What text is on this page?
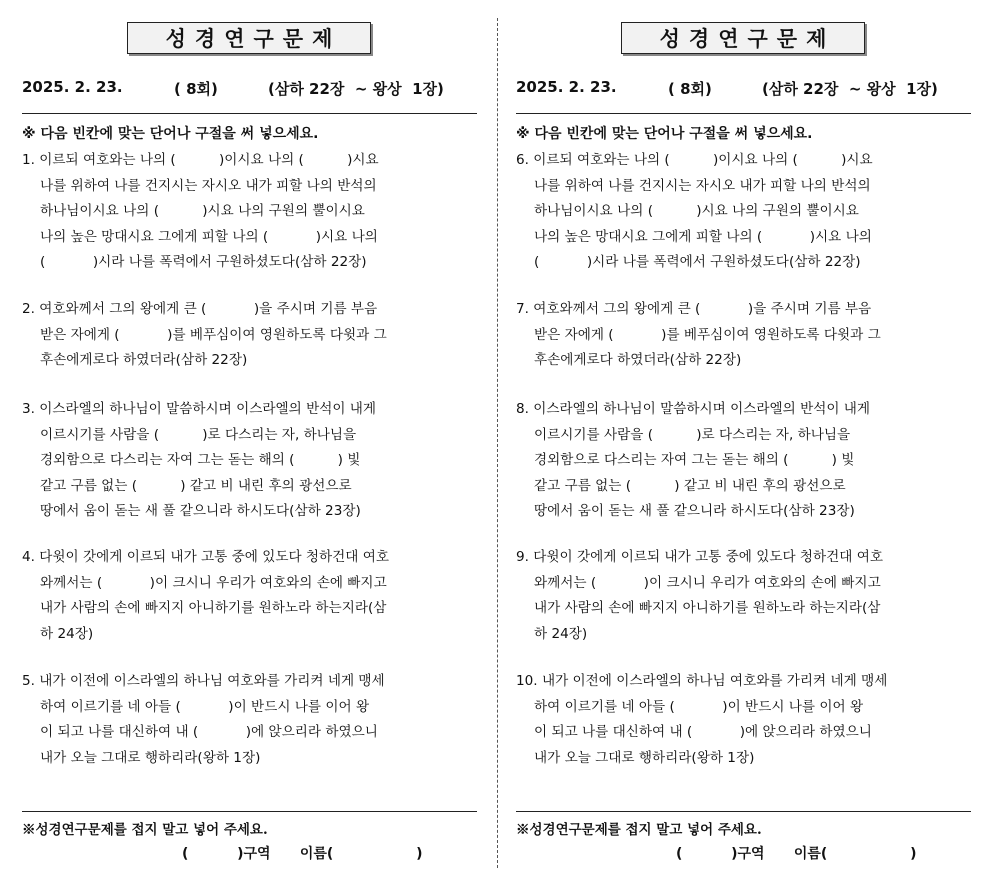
성경연구문제
2025. 2. 23.	( 8회)	(삼하 22장  ~ 왕상  1장)
※ 다음 빈칸에 맞는 단어나 구절을 써 넣으세요.
1. 이르되 여호와는 나의 (          )이시요 나의 (          )시요
나를 위하여 나를 건지시는 자시오 내가 피할 나의 반석의
하나님이시요 나의 (          )시요 나의 구원의 뿔이시요
나의 높은 망대시요 그에게 피할 나의 (           )시요 나의
(           )시라 나를 폭력에서 구원하셨도다(삼하 22장)
2. 여호와께서 그의 왕에게 큰 (           )을 주시며 기름 부음
받은 자에게 (           )를 베푸심이여 영원하도록 다윗과 그
후손에게로다 하였더라(삼하 22장)
3. 이스라엘의 하나님이 말씀하시며 이스라엘의 반석이 내게
이르시기를 사람을 (          )로 다스리는 자, 하나님을
경외함으로 다스리는 자여 그는 돋는 해의 (          ) 빛
같고 구름 없는 (          ) 같고 비 내린 후의 광선으로
땅에서 움이 돋는 새 풀 같으니라 하시도다(삼하 23장)
4. 다윗이 갓에게 이르되 내가 고통 중에 있도다 청하건대 여호
와께서는 (           )이 크시니 우리가 여호와의 손에 빠지고
내가 사람의 손에 빠지지 아니하기를 원하노라 하는지라(삼
하 24장)
5. 내가 이전에 이스라엘의 하나님 여호와를 가리켜 네게 맹세
하여 이르기를 네 아들 (           )이 반드시 나를 이어 왕
이 되고 나를 대신하여 내 (           )에 앉으리라 하였으니
내가 오늘 그대로 행하리라(왕하 1장)
※성경연구문제를 접지 말고 넣어 주세요.
(          )구역      이름(                 )
성경연구문제
2025. 2. 23.	( 8회)	(삼하 22장  ~ 왕상  1장)
※ 다음 빈칸에 맞는 단어나 구절을 써 넣으세요.
6. 이르되 여호와는 나의 (          )이시요 나의 (          )시요
나를 위하여 나를 건지시는 자시오 내가 피할 나의 반석의
하나님이시요 나의 (          )시요 나의 구원의 뿔이시요
나의 높은 망대시요 그에게 피할 나의 (           )시요 나의
(           )시라 나를 폭력에서 구원하셨도다(삼하 22장)
7. 여호와께서 그의 왕에게 큰 (           )을 주시며 기름 부음
받은 자에게 (           )를 베푸심이여 영원하도록 다윗과 그
후손에게로다 하였더라(삼하 22장)
8. 이스라엘의 하나님이 말씀하시며 이스라엘의 반석이 내게
이르시기를 사람을 (          )로 다스리는 자, 하나님을
경외함으로 다스리는 자여 그는 돋는 해의 (          ) 빛
같고 구름 없는 (          ) 같고 비 내린 후의 광선으로
땅에서 움이 돋는 새 풀 같으니라 하시도다(삼하 23장)
9. 다윗이 갓에게 이르되 내가 고통 중에 있도다 청하건대 여호
와께서는 (           )이 크시니 우리가 여호와의 손에 빠지고
내가 사람의 손에 빠지지 아니하기를 원하노라 하는지라(삼
하 24장)
10. 내가 이전에 이스라엘의 하나님 여호와를 가리켜 네게 맹세
하여 이르기를 네 아들 (           )이 반드시 나를 이어 왕
이 되고 나를 대신하여 내 (           )에 앉으리라 하였으니
내가 오늘 그대로 행하리라(왕하 1장)
※성경연구문제를 접지 말고 넣어 주세요.
(          )구역      이름(                 )
